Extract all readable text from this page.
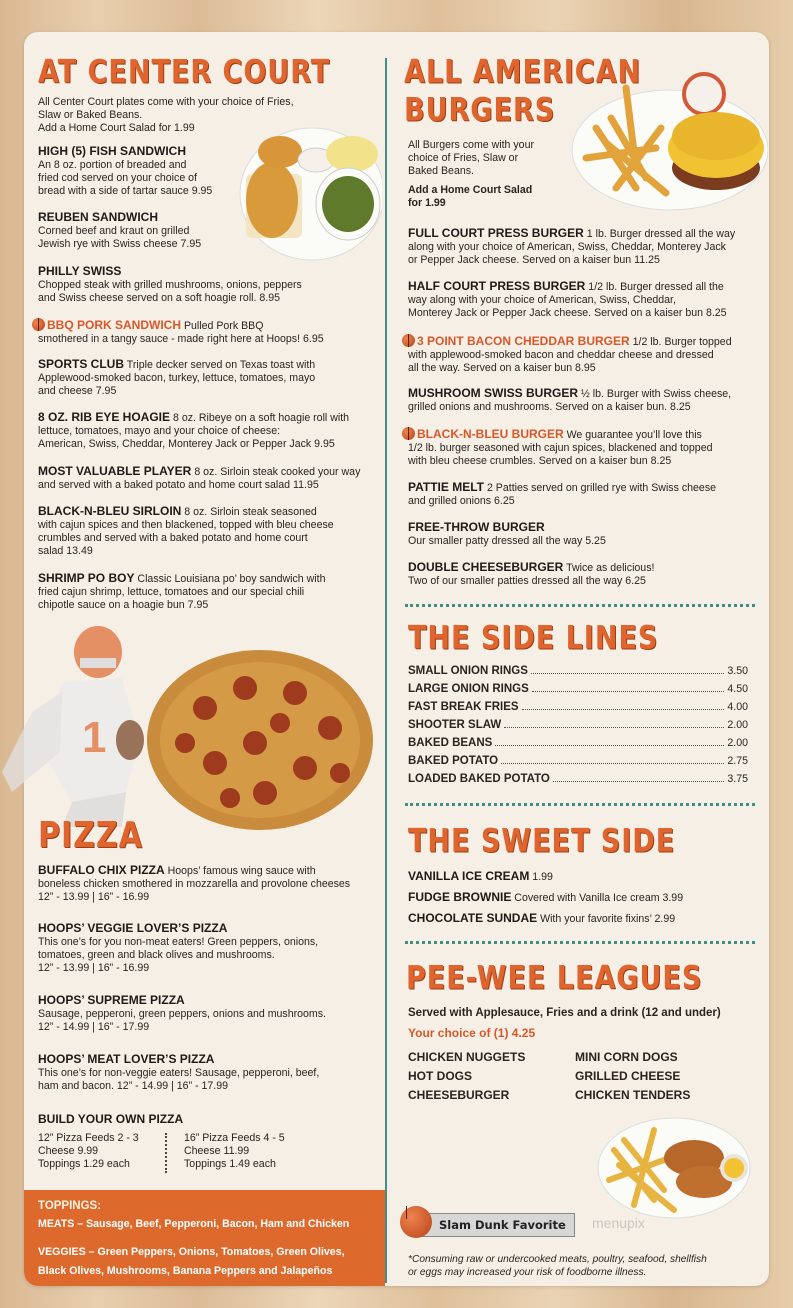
AT CENTER COURT
All Center Court plates come with your choice of Fries,
Slaw or Baked Beans.
Add a Home Court Salad for 1.99
HIGH (5) FISH SANDWICH
An 8 oz. portion of breaded and
fried cod served on your choice of
bread with a side of tartar sauce 9.95
REUBEN SANDWICH
Corned beef and kraut on grilled
Jewish rye with Swiss cheese 7.95
PHILLY SWISS
Chopped steak with grilled mushrooms, onions, peppers
and Swiss cheese served on a soft hoagie roll. 8.95
BBQ PORK SANDWICH Pulled Pork BBQ
smothered in a tangy sauce - made right here at Hoops! 6.95
SPORTS CLUB Triple decker served on Texas toast with
Applewood-smoked bacon, turkey, lettuce, tomatoes, mayo
and cheese 7.95
8 OZ. RIB EYE HOAGIE 8 oz. Ribeye on a soft hoagie roll with
lettuce, tomatoes, mayo and your choice of cheese:
American, Swiss, Cheddar, Monterey Jack or Pepper Jack 9.95
MOST VALUABLE PLAYER 8 oz. Sirloin steak cooked your way
and served with a baked potato and home court salad 11.95
BLACK-N-BLEU SIRLOIN 8 oz. Sirloin steak seasoned
with cajun spices and then blackened, topped with bleu cheese
crumbles and served with a baked potato and home court
salad 13.49
SHRIMP PO BOY Classic Louisiana po’ boy sandwich with
fried cajun shrimp, lettuce, tomatoes and our special chili
chipotle sauce on a hoagie bun 7.95
1
PIZZA
BUFFALO CHIX PIZZA Hoops’ famous wing sauce with
boneless chicken smothered in mozzarella and provolone cheeses
12” - 13.99 | 16” - 16.99
HOOPS’ VEGGIE LOVER’S PIZZA
This one’s for you non-meat eaters! Green peppers, onions,
tomatoes, green and black olives and mushrooms.
12” - 13.99 | 16” - 16.99
HOOPS’ SUPREME PIZZA
Sausage, pepperoni, green peppers, onions and mushrooms.
12” - 14.99 | 16” - 17.99
HOOPS’ MEAT LOVER’S PIZZA
This one’s for non-veggie eaters! Sausage, pepperoni, beef,
ham and bacon. 12” - 14.99 | 16” - 17.99
BUILD YOUR OWN PIZZA
12” Pizza Feeds 2 - 3
Cheese 9.99
Toppings 1.29 each
16” Pizza Feeds 4 - 5
Cheese 11.99
Toppings 1.49 each
TOPPINGS:
MEATS – Sausage, Beef, Pepperoni, Bacon, Ham and Chicken
VEGGIES – Green Peppers, Onions, Tomatoes, Green Olives,
Black Olives, Mushrooms, Banana Peppers and Jalapeños
ALL AMERICAN
BURGERS
All Burgers come with your
choice of Fries, Slaw or
Baked Beans.
Add a Home Court Salad
for 1.99
FULL COURT PRESS BURGER 1 lb. Burger dressed all the way
along with your choice of American, Swiss, Cheddar, Monterey Jack
or Pepper Jack cheese. Served on a kaiser bun 11.25
HALF COURT PRESS BURGER 1/2 lb. Burger dressed all the
way along with your choice of American, Swiss, Cheddar,
Monterey Jack or Pepper Jack cheese. Served on a kaiser bun 8.25
3 POINT BACON CHEDDAR BURGER 1/2 lb. Burger topped
with applewood-smoked bacon and cheddar cheese and dressed
all the way. Served on a kaiser bun 8.95
MUSHROOM SWISS BURGER ½ lb. Burger with Swiss cheese,
grilled onions and mushrooms. Served on a kaiser bun. 8.25
BLACK-N-BLEU BURGER We guarantee you’ll love this
1/2 lb. burger seasoned with cajun spices, blackened and topped
with bleu cheese crumbles. Served on a kaiser bun 8.25
PATTIE MELT 2 Patties served on grilled rye with Swiss cheese
and grilled onions 6.25
FREE-THROW BURGER
Our smaller patty dressed all the way 5.25
DOUBLE CHEESEBURGER Twice as delicious!
Two of our smaller patties dressed all the way 6.25
THE SIDE LINES
SMALL ONION RINGS	3.50
LARGE ONION RINGS	4.50
FAST BREAK FRIES	4.00
SHOOTER SLAW	2.00
BAKED BEANS	2.00
BAKED POTATO	2.75
LOADED BAKED POTATO	3.75
THE SWEET SIDE
VANILLA ICE CREAM 1.99
FUDGE BROWNIE Covered with Vanilla Ice cream 3.99
CHOCOLATE SUNDAE With your favorite fixins’ 2.99
PEE-WEE LEAGUES
Served with Applesauce, Fries and a drink (12 and under)
Your choice of (1) 4.25
CHICKEN NUGGETS
HOT DOGS
CHEESEBURGER
MINI CORN DOGS
GRILLED CHEESE
CHICKEN TENDERS
Slam Dunk Favorite	menupix
*Consuming raw or undercooked meats, poultry, seafood, shellfish
or eggs may increased your risk of foodborne illness.
